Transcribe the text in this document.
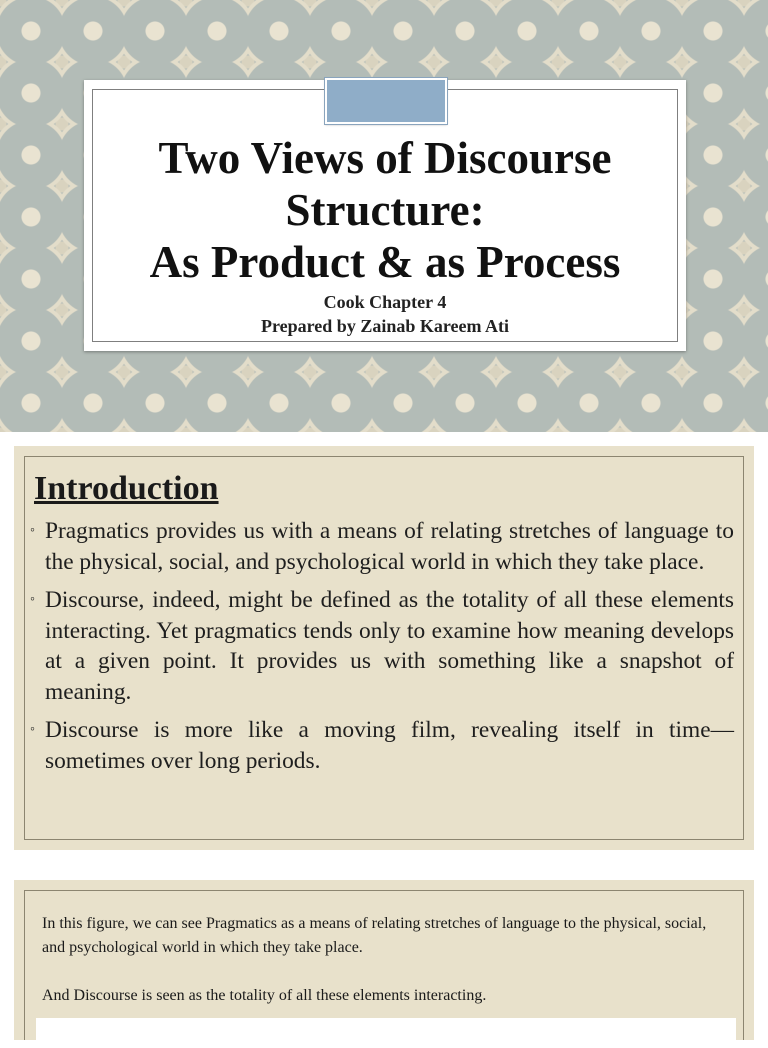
Two Views of Discourse
Structure:
As Product & as Process

Cook Chapter 4
Prepared by Zainab Kareem Ati

Introduction
◦ Pragmatics provides us with a means of relating stretches of language to the physical, social, and psychological world in which they take place.
◦ Discourse, indeed, might be defined as the totality of all these elements interacting. Yet pragmatics tends only to examine how meaning develops at a given point. It provides us with something like a snapshot of meaning.
◦ Discourse is more like a moving film, revealing itself in time—sometimes over long periods.

In this figure, we can see Pragmatics as a means of relating stretches of language to the physical, social, and psychological world in which they take place.

And Discourse is seen as the totality of all these elements interacting.
